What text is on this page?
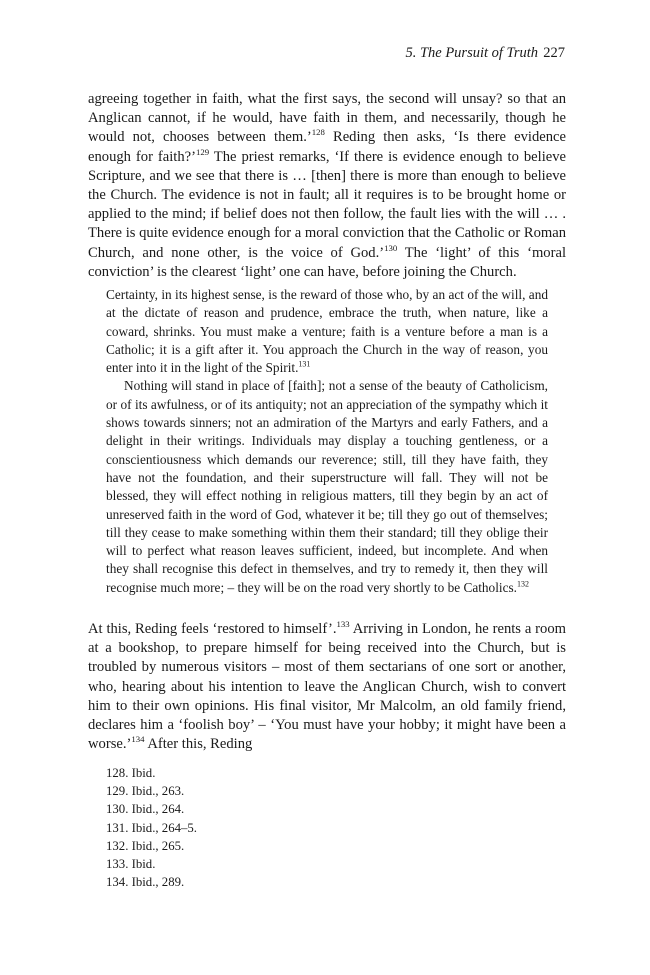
5. The Pursuit of Truth 227

agreeing together in faith, what the first says, the second will unsay? so that an Anglican cannot, if he would, have faith in them, and necessarily, though he would not, chooses between them.’$^{128}$ Reding then asks, ‘Is there evidence enough for faith?’$^{129}$ The priest remarks, ‘If there is evidence enough to believe Scripture, and we see that there is … [then] there is more than enough to believe the Church. The evidence is not in fault; all it requires is to be brought home or applied to the mind; if belief does not then follow, the fault lies with the will … . There is quite evidence enough for a moral conviction that the Catholic or Roman Church, and none other, is the voice of God.’$^{130}$ The ‘light’ of this ‘moral conviction’ is the clearest ‘light’ one can have, before joining the Church.

Certainty, in its highest sense, is the reward of those who, by an act of the will, and at the dictate of reason and prudence, embrace the truth, when nature, like a coward, shrinks. You must make a venture; faith is a venture before a man is a Catholic; it is a gift after it. You approach the Church in the way of reason, you enter into it in the light of the Spirit.$^{131}$

Nothing will stand in place of [faith]; not a sense of the beauty of Catholicism, or of its awfulness, or of its antiquity; not an appreciation of the sympathy which it shows towards sinners; not an admiration of the Martyrs and early Fathers, and a delight in their writings. Individuals may display a touching gentleness, or a conscientiousness which demands our reverence; still, till they have faith, they have not the foundation, and their superstructure will fall. They will not be blessed, they will effect nothing in religious matters, till they begin by an act of unreserved faith in the word of God, whatever it be; till they go out of themselves; till they cease to make something within them their standard; till they oblige their will to perfect what reason leaves sufficient, indeed, but incomplete. And when they shall recognise this defect in themselves, and try to remedy it, then they will recognise much more; – they will be on the road very shortly to be Catholics.$^{132}$

At this, Reding feels ‘restored to himself’.$^{133}$ Arriving in London, he rents a room at a bookshop, to prepare himself for being received into the Church, but is troubled by numerous visitors – most of them sectarians of one sort or another, who, hearing about his intention to leave the Anglican Church, wish to convert him to their own opinions. His final visitor, Mr Malcolm, an old family friend, declares him a ‘foolish boy’ – ‘You must have your hobby; it might have been a worse.’$^{134}$ After this, Reding

128. Ibid.

129. Ibid., 263.

130. Ibid., 264.

131. Ibid., 264–5.

132. Ibid., 265.

133. Ibid.

134. Ibid., 289.
